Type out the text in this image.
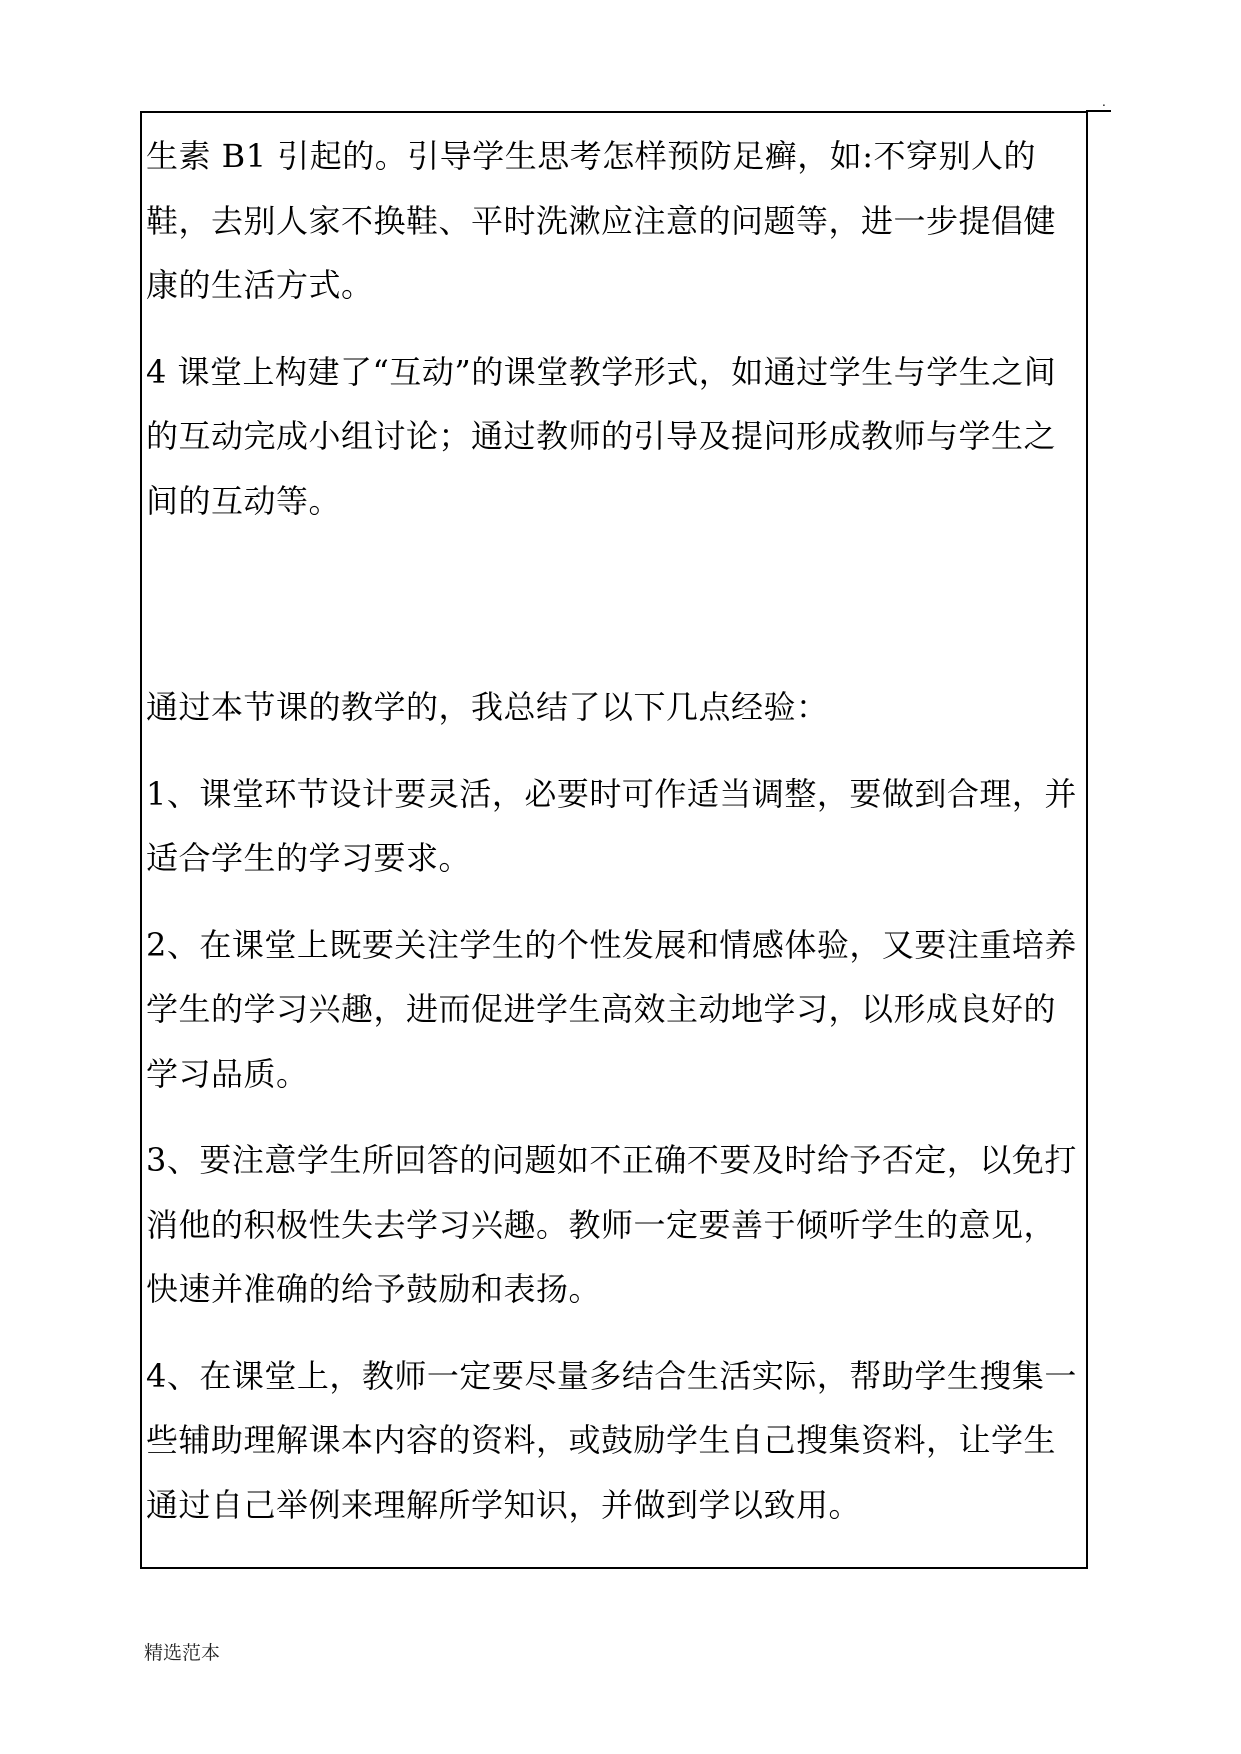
.

生素 B1 引起的。引导学生思考怎样预防足癣，如:不穿别人的鞋，去别人家不换鞋、平时洗漱应注意的问题等，进一步提倡健康的生活方式。

4 课堂上构建了“互动”的课堂教学形式，如通过学生与学生之间的互动完成小组讨论；通过教师的引导及提问形成教师与学生之间的互动等。

通过本节课的教学的，我总结了以下几点经验：

1、课堂环节设计要灵活，必要时可作适当调整，要做到合理，并适合学生的学习要求。

2、在课堂上既要关注学生的个性发展和情感体验，又要注重培养学生的学习兴趣，进而促进学生高效主动地学习，以形成良好的学习品质。

3、要注意学生所回答的问题如不正确不要及时给予否定，以免打消他的积极性失去学习兴趣。教师一定要善于倾听学生的意见，快速并准确的给予鼓励和表扬。

4、在课堂上，教师一定要尽量多结合生活实际，帮助学生搜集一些辅助理解课本内容的资料，或鼓励学生自己搜集资料，让学生通过自己举例来理解所学知识，并做到学以致用。

精选范本
